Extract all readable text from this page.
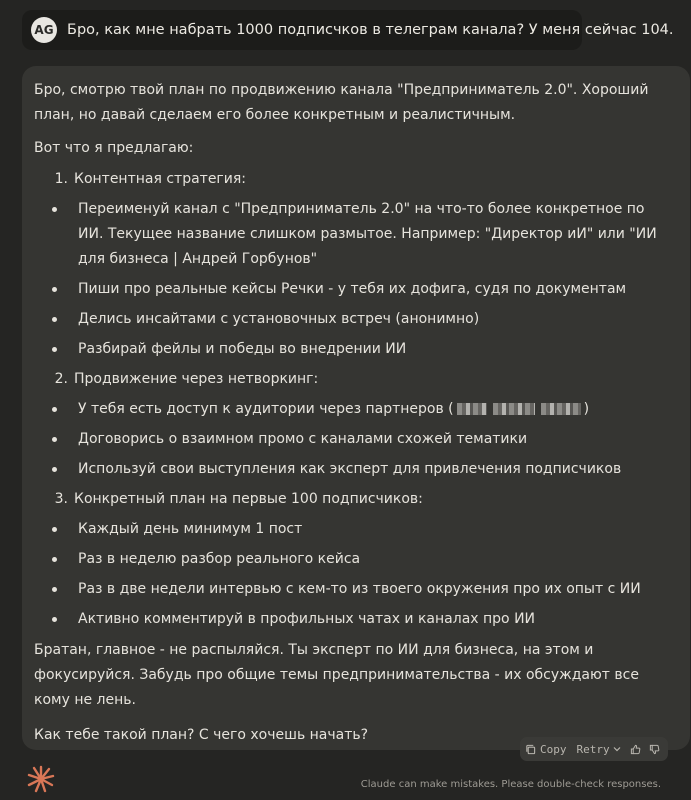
AG Бро, как мне набрать 1000 подписчков в телеграм канала? У меня сейчас 104.
Бро, смотрю твой план по продвижению канала "Предприниматель 2.0". Хороший план, но давай сделаем его более конкретным и реалистичным.
Вот что я предлагаю:
1. Контентная стратегия:
Переименуй канал с "Предприниматель 2.0" на что-то более конкретное по ИИ. Текущее название слишком размытое. Например: "Директор иИ" или "ИИ для бизнеса | Андрей Горбунов"
Пиши про реальные кейсы Речки - у тебя их дофига, судя по документам
Делись инсайтами с установочных встреч (анонимно)
Разбирай фейлы и победы во внедрении ИИ
2. Продвижение через нетворкинг:
У тебя есть доступ к аудитории через партнеров (	)
Договорись о взаимном промо с каналами схожей тематики
Используй свои выступления как эксперт для привлечения подписчиков
3. Конкретный план на первые 100 подписчиков:
Каждый день минимум 1 пост
Раз в неделю разбор реального кейса
Раз в две недели интервью с кем-то из твоего окружения про их опыт с ИИ
Активно комментируй в профильных чатах и каналах про ИИ
Братан, главное - не распыляйся. Ты эксперт по ИИ для бизнеса, на этом и фокусируйся. Забудь про общие темы предпринимательства - их обсуждают все кому не лень.
Как тебе такой план? С чего хочешь начать?
Copy Retry
Claude can make mistakes. Please double-check responses.
